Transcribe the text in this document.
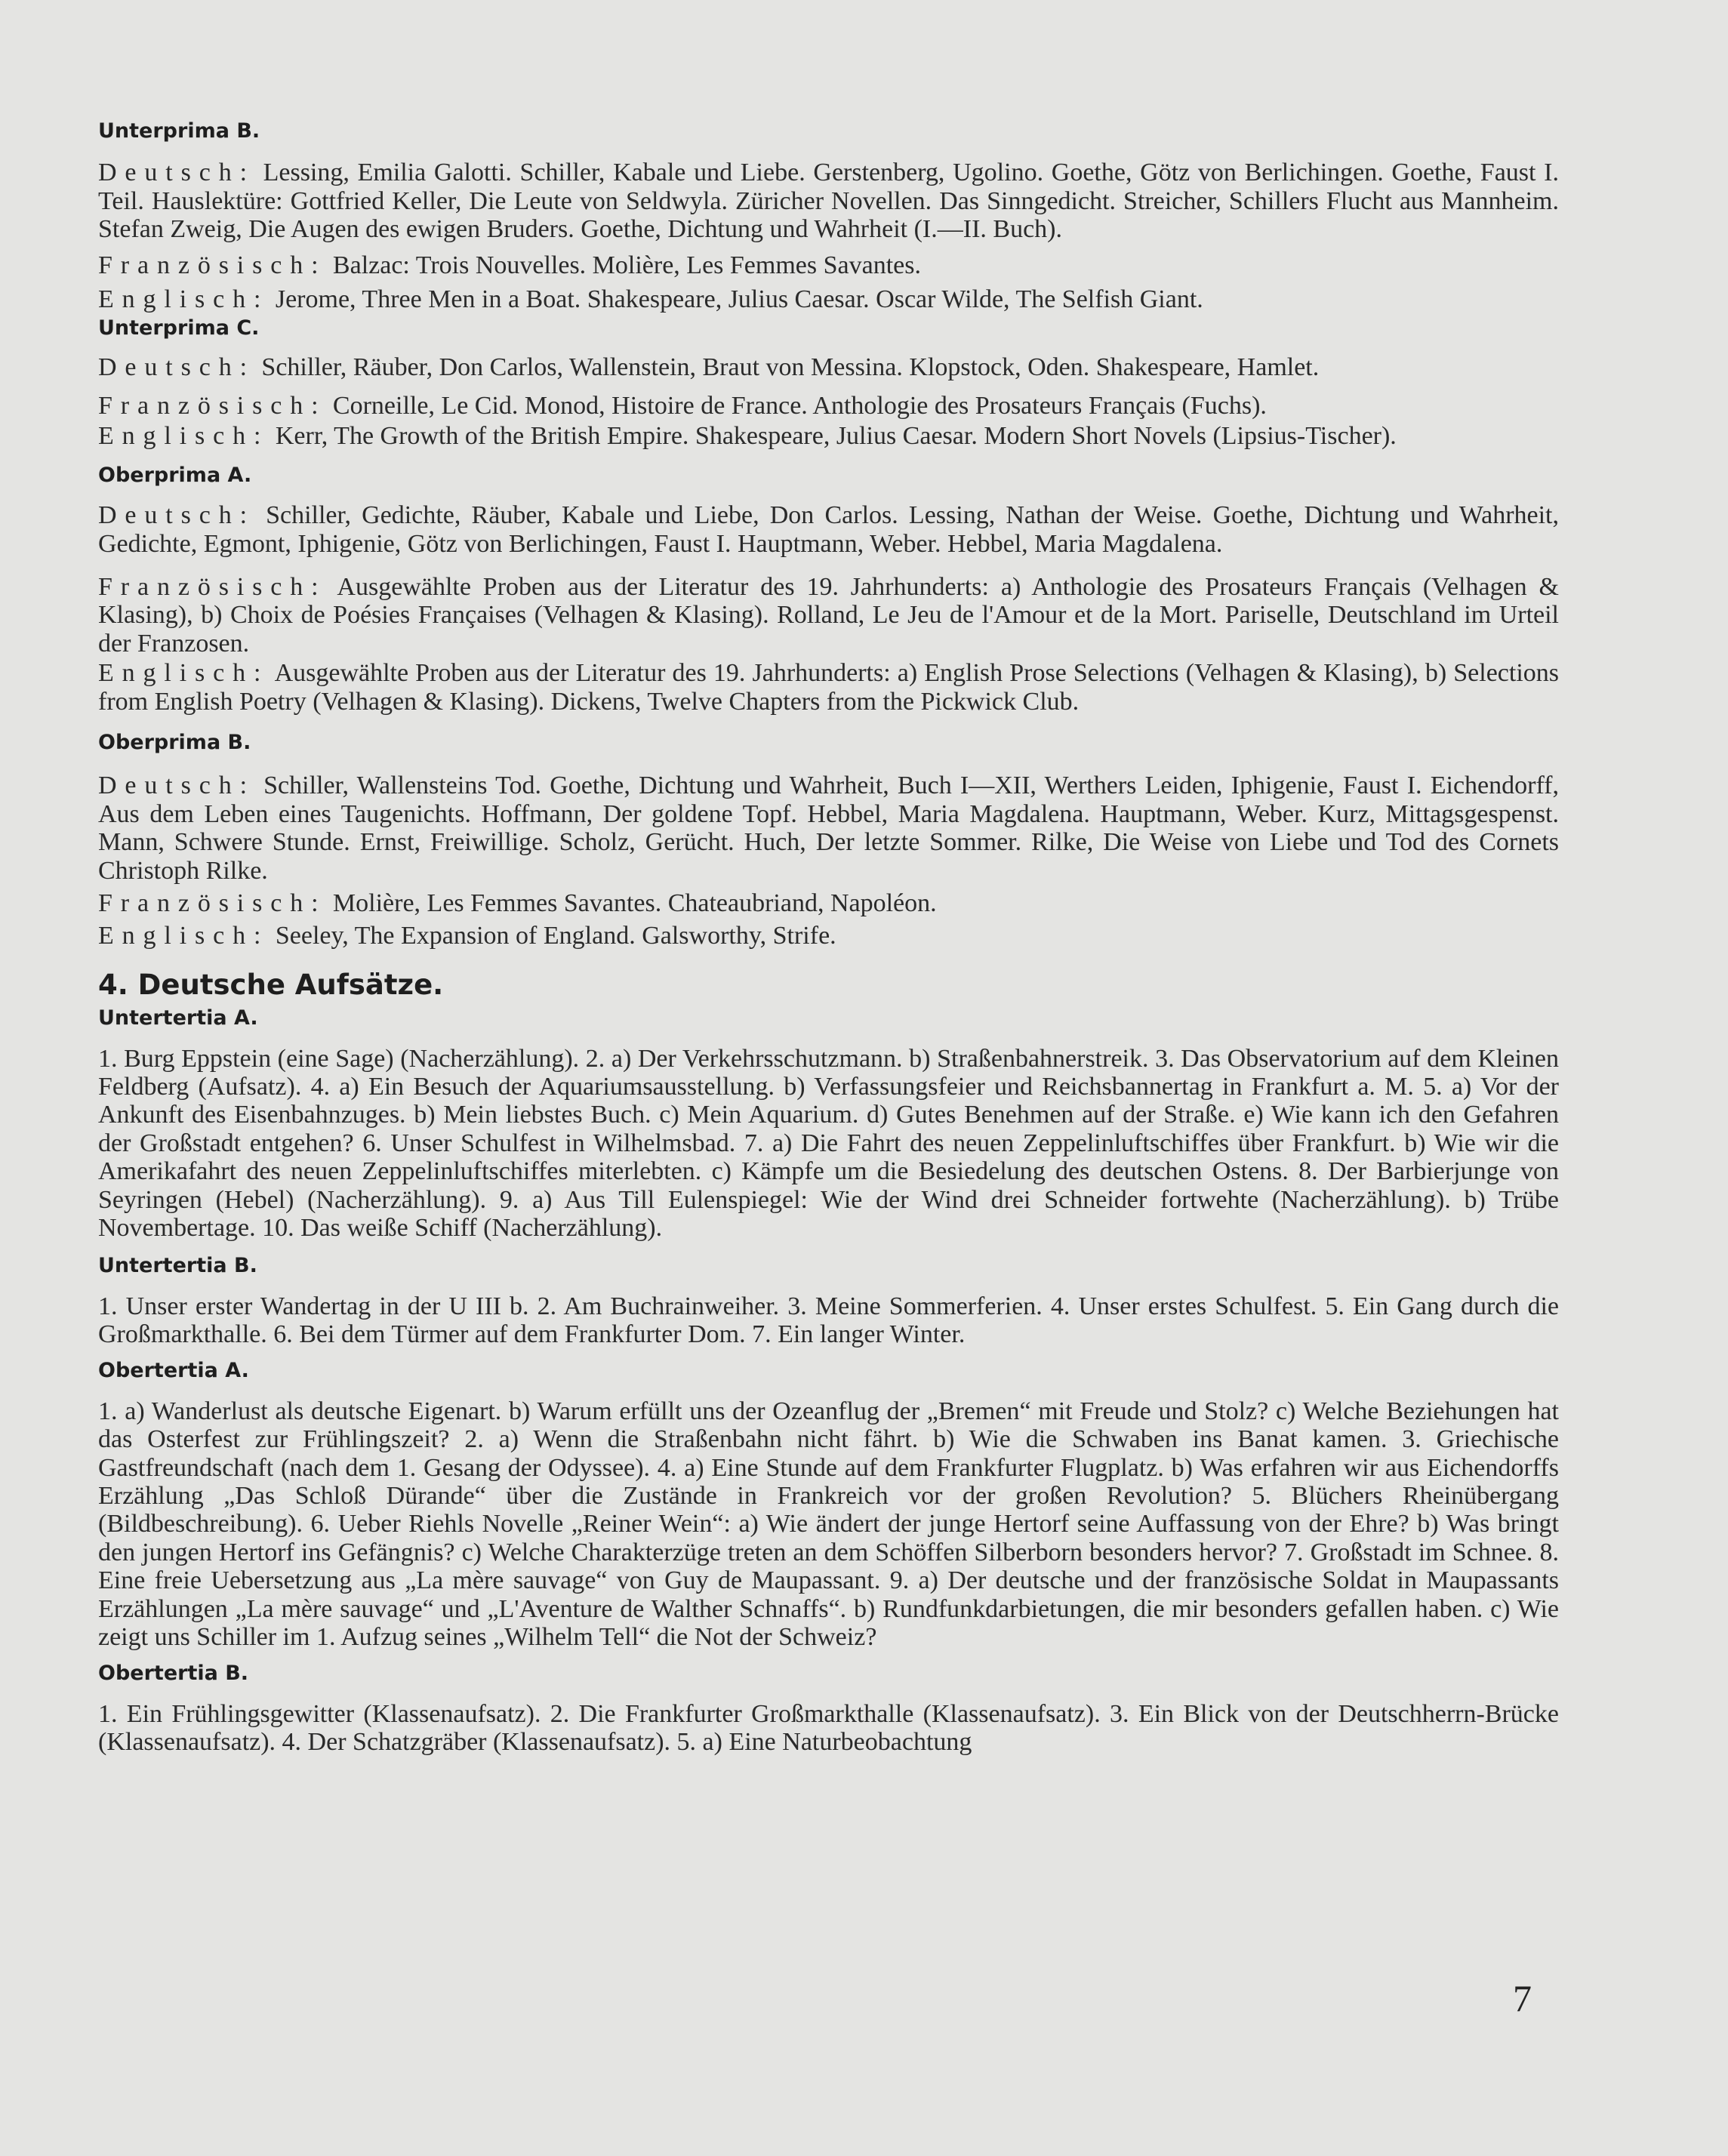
Unterprima B.

Deutsch: Lessing, Emilia Galotti. Schiller, Kabale und Liebe. Gerstenberg, Ugolino. Goethe, Götz von Berlichingen. Goethe, Faust I. Teil. Hauslektüre: Gottfried Keller, Die Leute von Seldwyla. Züricher Novellen. Das Sinngedicht. Streicher, Schillers Flucht aus Mannheim. Stefan Zweig, Die Augen des ewigen Bruders. Goethe, Dichtung und Wahrheit (I.—II. Buch).

Französisch: Balzac: Trois Nouvelles. Molière, Les Femmes Savantes.

Englisch: Jerome, Three Men in a Boat. Shakespeare, Julius Caesar. Oscar Wilde, The Selfish Giant.

Unterprima C.

Deutsch: Schiller, Räuber, Don Carlos, Wallenstein, Braut von Messina. Klopstock, Oden. Shakespeare, Hamlet.

Französisch: Corneille, Le Cid. Monod, Histoire de France. Anthologie des Prosateurs Français (Fuchs).

Englisch: Kerr, The Growth of the British Empire. Shakespeare, Julius Caesar. Modern Short Novels (Lipsius-Tischer).

Oberprima A.

Deutsch: Schiller, Gedichte, Räuber, Kabale und Liebe, Don Carlos. Lessing, Nathan der Weise. Goethe, Dichtung und Wahrheit, Gedichte, Egmont, Iphigenie, Götz von Berlichingen, Faust I. Hauptmann, Weber. Hebbel, Maria Magdalena.

Französisch: Ausgewählte Proben aus der Literatur des 19. Jahrhunderts: a) Anthologie des Prosateurs Français (Velhagen & Klasing), b) Choix de Poésies Françaises (Velhagen & Klasing). Rolland, Le Jeu de l'Amour et de la Mort. Pariselle, Deutschland im Urteil der Franzosen.

Englisch: Ausgewählte Proben aus der Literatur des 19. Jahrhunderts: a) English Prose Selections (Velhagen & Klasing), b) Selections from English Poetry (Velhagen & Klasing). Dickens, Twelve Chapters from the Pickwick Club.

Oberprima B.

Deutsch: Schiller, Wallensteins Tod. Goethe, Dichtung und Wahrheit, Buch I—XII, Werthers Leiden, Iphigenie, Faust I. Eichendorff, Aus dem Leben eines Taugenichts. Hoffmann, Der goldene Topf. Hebbel, Maria Magdalena. Hauptmann, Weber. Kurz, Mittagsgespenst. Mann, Schwere Stunde. Ernst, Freiwillige. Scholz, Gerücht. Huch, Der letzte Sommer. Rilke, Die Weise von Liebe und Tod des Cornets Christoph Rilke.

Französisch: Molière, Les Femmes Savantes. Chateaubriand, Napoléon.

Englisch: Seeley, The Expansion of England. Galsworthy, Strife.

4. Deutsche Aufsätze.
Untertertia A.

1. Burg Eppstein (eine Sage) (Nacherzählung). 2. a) Der Verkehrsschutzmann. b) Straßenbahnerstreik. 3. Das Observatorium auf dem Kleinen Feldberg (Aufsatz). 4. a) Ein Besuch der Aquariumsausstellung. b) Verfassungsfeier und Reichsbannertag in Frankfurt a. M. 5. a) Vor der Ankunft des Eisenbahnzuges. b) Mein liebstes Buch. c) Mein Aquarium. d) Gutes Benehmen auf der Straße. e) Wie kann ich den Gefahren der Großstadt entgehen? 6. Unser Schulfest in Wilhelmsbad. 7. a) Die Fahrt des neuen Zeppelinluftschiffes über Frankfurt. b) Wie wir die Amerikafahrt des neuen Zeppelinluftschiffes miterlebten. c) Kämpfe um die Besiedelung des deutschen Ostens. 8. Der Barbierjunge von Seyringen (Hebel) (Nacherzählung). 9. a) Aus Till Eulenspiegel: Wie der Wind drei Schneider fortwehte (Nacherzählung). b) Trübe Novembertage. 10. Das weiße Schiff (Nacherzählung).

Untertertia B.

1. Unser erster Wandertag in der U III b. 2. Am Buchrainweiher. 3. Meine Sommerferien. 4. Unser erstes Schulfest. 5. Ein Gang durch die Großmarkthalle. 6. Bei dem Türmer auf dem Frankfurter Dom. 7. Ein langer Winter.

Obertertia A.

1. a) Wanderlust als deutsche Eigenart. b) Warum erfüllt uns der Ozeanflug der „Bremen“ mit Freude und Stolz? c) Welche Beziehungen hat das Osterfest zur Frühlingszeit? 2. a) Wenn die Straßenbahn nicht fährt. b) Wie die Schwaben ins Banat kamen. 3. Griechische Gastfreundschaft (nach dem 1. Gesang der Odyssee). 4. a) Eine Stunde auf dem Frankfurter Flugplatz. b) Was erfahren wir aus Eichendorffs Erzählung „Das Schloß Dürande“ über die Zustände in Frankreich vor der großen Revolution? 5. Blüchers Rheinübergang (Bildbeschreibung). 6. Ueber Riehls Novelle „Reiner Wein“: a) Wie ändert der junge Hertorf seine Auffassung von der Ehre? b) Was bringt den jungen Hertorf ins Gefängnis? c) Welche Charakterzüge treten an dem Schöffen Silberborn besonders hervor? 7. Großstadt im Schnee. 8. Eine freie Uebersetzung aus „La mère sauvage“ von Guy de Maupassant. 9. a) Der deutsche und der französische Soldat in Maupassants Erzählungen „La mère sauvage“ und „L'Aventure de Walther Schnaffs“. b) Rundfunkdarbietungen, die mir besonders gefallen haben. c) Wie zeigt uns Schiller im 1. Aufzug seines „Wilhelm Tell“ die Not der Schweiz?

Obertertia B.

1. Ein Frühlingsgewitter (Klassenaufsatz). 2. Die Frankfurter Großmarkthalle (Klassenaufsatz). 3. Ein Blick von der Deutschherrn-Brücke (Klassenaufsatz). 4. Der Schatzgräber (Klassenaufsatz). 5. a) Eine Naturbeobachtung

7
